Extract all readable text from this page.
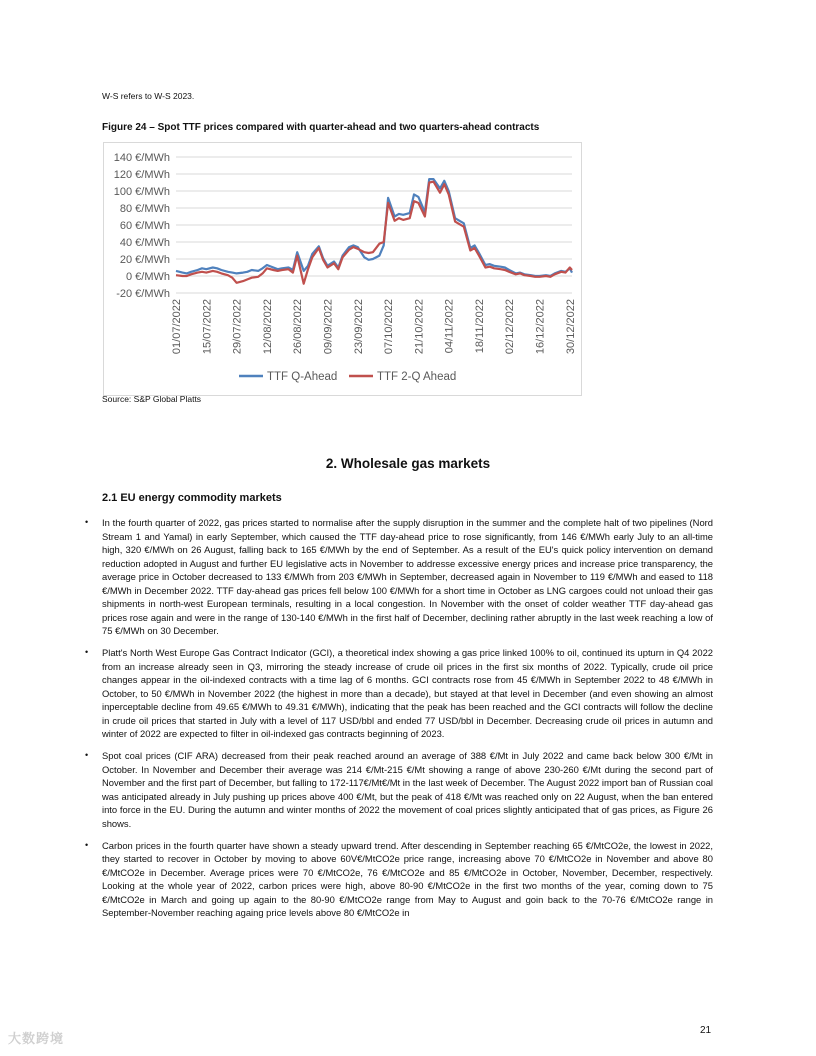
W-S refers to W-S 2023.
Figure 24 – Spot TTF prices compared with quarter-ahead and two quarters-ahead contracts
140 €/MWh
120 €/MWh
100 €/MWh
80 €/MWh
60 €/MWh
40 €/MWh
20 €/MWh
0 €/MWh
-20 €/MWh
01/07/2022 15/07/2022 29/07/2022 12/08/2022 26/08/2022 09/09/2022 23/09/2022 07/10/2022 21/10/2022 04/11/2022 18/11/2022 02/12/2022 16/12/2022 30/12/2022
TTF Q-Ahead	TTF 2-Q Ahead
Source: S&P Global Platts
2. Wholesale gas markets
2.1 EU energy commodity markets
• In the fourth quarter of 2022, gas prices started to normalise after the supply disruption in the summer and the complete halt of two pipelines (Nord Stream 1 and Yamal) in early September, which caused the TTF day-ahead price to rose significantly, from 146 €/MWh early July to an all-time high, 320 €/MWh on 26 August, falling back to 165 €/MWh by the end of September. As a result of the EU's quick policy intervention on demand reduction adopted in August and further EU legislative acts in November to addresse excessive energy prices and increase price transparency, the average price in October decreased to 133 €/MWh from 203 €/MWh in September, decreased again in November to 119 €/MWh and eased to 118 €/MWh in December 2022. TTF day-ahead gas prices fell below 100 €/MWh for a short time in October as LNG cargoes could not unload their gas shipments in north-west European terminals, resulting in a local congestion. In November with the onset of colder weather TTF day-ahead gas prices rose again and were in the range of 130-140 €/MWh in the first half of December, declining rather abruptly in the last week reaching a low of 75 €/MWh on 30 December.
• Platt's North West Europe Gas Contract Indicator (GCI), a theoretical index showing a gas price linked 100% to oil, continued its upturn in Q4 2022 from an increase already seen in Q3, mirroring the steady increase of crude oil prices in the first six months of 2022. Typically, crude oil price changes appear in the oil-indexed contracts with a time lag of 6 months. GCI contracts rose from 45 €/MWh in September 2022 to 48 €/MWh in October, to 50 €/MWh in November 2022 (the highest in more than a decade), but stayed at that level in December (and even showing an almost inperceptable decline from 49.65 €/MWh to 49.31 €/MWh), indicating that the peak has been reached and the GCI contracts will follow the decline in crude oil prices that started in July with a level of 117 USD/bbl and ended 77 USD/bbl in December. Decreasing crude oil prices in autumn and winter of 2022 are expected to filter in oil-indexed gas contracts beginning of 2023.
• Spot coal prices (CIF ARA) decreased from their peak reached around an average of 388 €/Mt in July 2022 and came back below 300 €/Mt in October. In November and December their average was 214 €/Mt-215 €/Mt showing a range of above 230-260 €/Mt during the second part of November and the first part of December, but falling to 172-117€/Mt€/Mt in the last week of December. The August 2022 import ban of Russian coal was anticipated already in July pushing up prices above 400 €/Mt, but the peak of 418 €/Mt was reached only on 22 August, when the ban entered into force in the EU. During the autumn and winter months of 2022 the movement of coal prices slightly anticipated that of gas prices, as Figure 26 shows.
• Carbon prices in the fourth quarter have shown a steady upward trend. After descending in September reaching 65 €/MtCO2e, the lowest in 2022, they started to recover in October by moving to above 60V€/MtCO2e price range, increasing above 70 €/MtCO2e in November and above 80 €/MtCO2e in December. Average prices were 70 €/MtCO2e, 76 €/MtCO2e and 85 €/MtCO2e in October, November, December, respectively. Looking at the whole year of 2022, carbon prices were high, above 80-90 €/MtCO2e in the first two months of the year, coming down to 75 €/MtCO2e in March and going up again to the 80-90 €/MtCO2e range from May to August and goin back to the 70-76 €/MtCO2e range in September-November reaching againg price levels above 80 €/MtCO2e in
21
大数跨境
